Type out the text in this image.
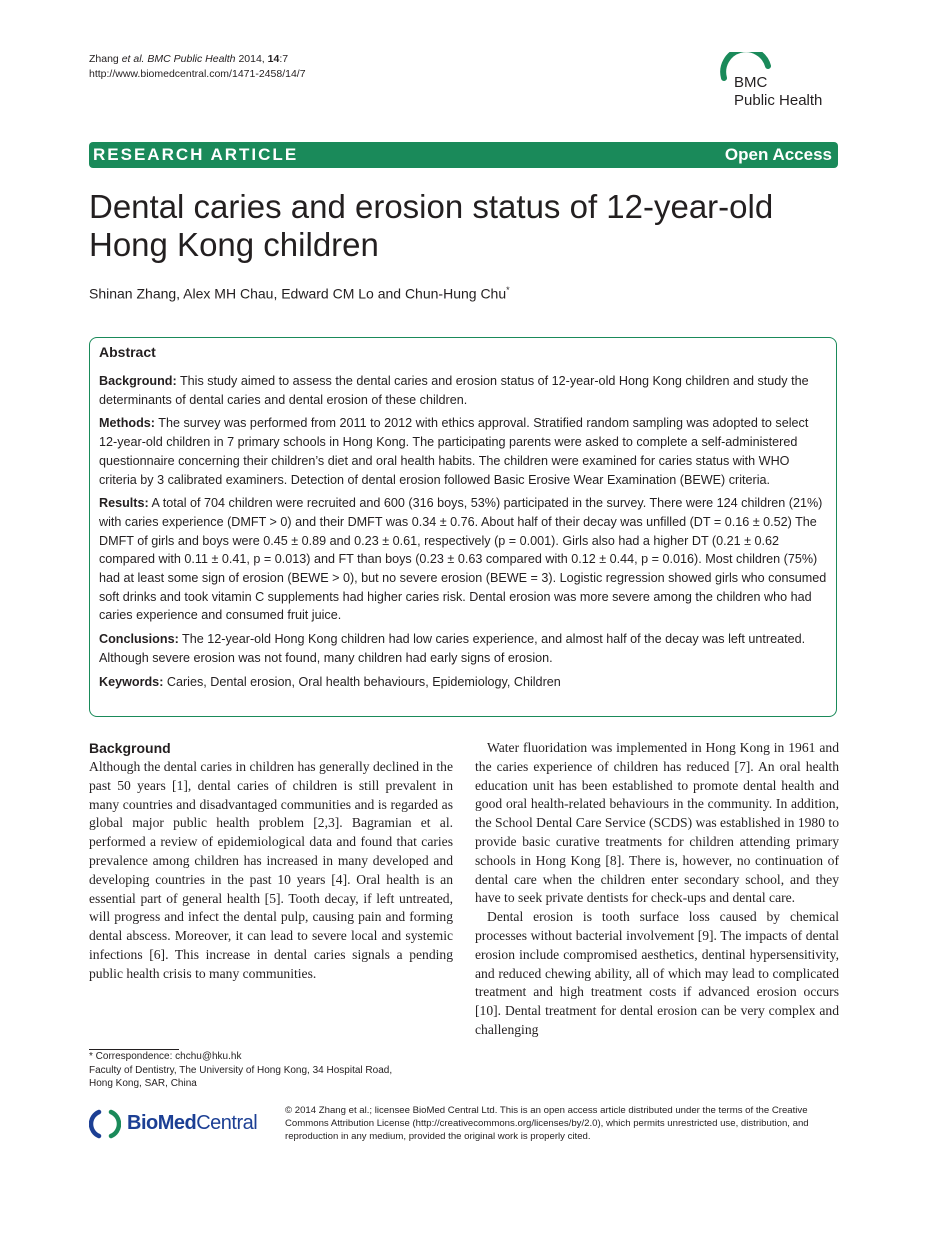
Zhang et al. BMC Public Health 2014, 14:7
http://www.biomedcentral.com/1471-2458/14/7	BMC
Public Health
RESEARCH ARTICLE	Open Access
Dental caries and erosion status of 12-year-old Hong Kong children
Shinan Zhang, Alex MH Chau, Edward CM Lo and Chun-Hung Chu*
Abstract

Background: This study aimed to assess the dental caries and erosion status of 12-year-old Hong Kong children and study the determinants of dental caries and dental erosion of these children.

Methods: The survey was performed from 2011 to 2012 with ethics approval. Stratified random sampling was adopted to select 12-year-old children in 7 primary schools in Hong Kong. The participating parents were asked to complete a self-administered questionnaire concerning their children’s diet and oral health habits. The children were examined for caries status with WHO criteria by 3 calibrated examiners. Detection of dental erosion followed Basic Erosive Wear Examination (BEWE) criteria.

Results: A total of 704 children were recruited and 600 (316 boys, 53%) participated in the survey. There were 124 children (21%) with caries experience (DMFT > 0) and their DMFT was 0.34 ± 0.76. About half of their decay was unfilled (DT = 0.16 ± 0.52) The DMFT of girls and boys were 0.45 ± 0.89 and 0.23 ± 0.61, respectively (p = 0.001). Girls also had a higher DT (0.21 ± 0.62 compared with 0.11 ± 0.41, p = 0.013) and FT than boys (0.23 ± 0.63 compared with 0.12 ± 0.44, p = 0.016). Most children (75%) had at least some sign of erosion (BEWE > 0), but no severe erosion (BEWE = 3). Logistic regression showed girls who consumed soft drinks and took vitamin C supplements had higher caries risk. Dental erosion was more severe among the children who had caries experience and consumed fruit juice.

Conclusions: The 12-year-old Hong Kong children had low caries experience, and almost half of the decay was left untreated. Although severe erosion was not found, many children had early signs of erosion.

Keywords: Caries, Dental erosion, Oral health behaviours, Epidemiology, Children

Background

Although the dental caries in children has generally declined in the past 50 years [1], dental caries of children is still prevalent in many countries and disadvantaged communities and is regarded as global major public health problem [2,3]. Bagramian et al. performed a review of epidemiological data and found that caries prevalence among children has increased in many developed and developing countries in the past 10 years [4]. Oral health is an essential part of general health [5]. Tooth decay, if left untreated, will progress and infect the dental pulp, causing pain and forming dental abscess. Moreover, it can lead to severe local and systemic infections [6]. This increase in dental caries signals a pending public health crisis to many communities.

Water fluoridation was implemented in Hong Kong in 1961 and the caries experience of children has reduced [7]. An oral health education unit has been established to promote dental health and good oral health-related behaviours in the community. In addition, the School Dental Care Service (SCDS) was established in 1980 to provide basic curative treatments for children attending primary schools in Hong Kong [8]. There is, however, no continuation of dental care when the children enter secondary school, and they have to seek private dentists for check-ups and dental care.

Dental erosion is tooth surface loss caused by chemical processes without bacterial involvement [9]. The impacts of dental erosion include compromised aesthetics, dentinal hypersensitivity, and reduced chewing ability, all of which may lead to complicated treatment and high treatment costs if advanced erosion occurs [10]. Dental treatment for dental erosion can be very complex and challenging

* Correspondence: chchu@hku.hk
Faculty of Dentistry, The University of Hong Kong, 34 Hospital Road,
Hong Kong, SAR, China
BioMedCentral
© 2014 Zhang et al.; licensee BioMed Central Ltd. This is an open access article distributed under the terms of the Creative Commons Attribution License (http://creativecommons.org/licenses/by/2.0), which permits unrestricted use, distribution, and reproduction in any medium, provided the original work is properly cited.
